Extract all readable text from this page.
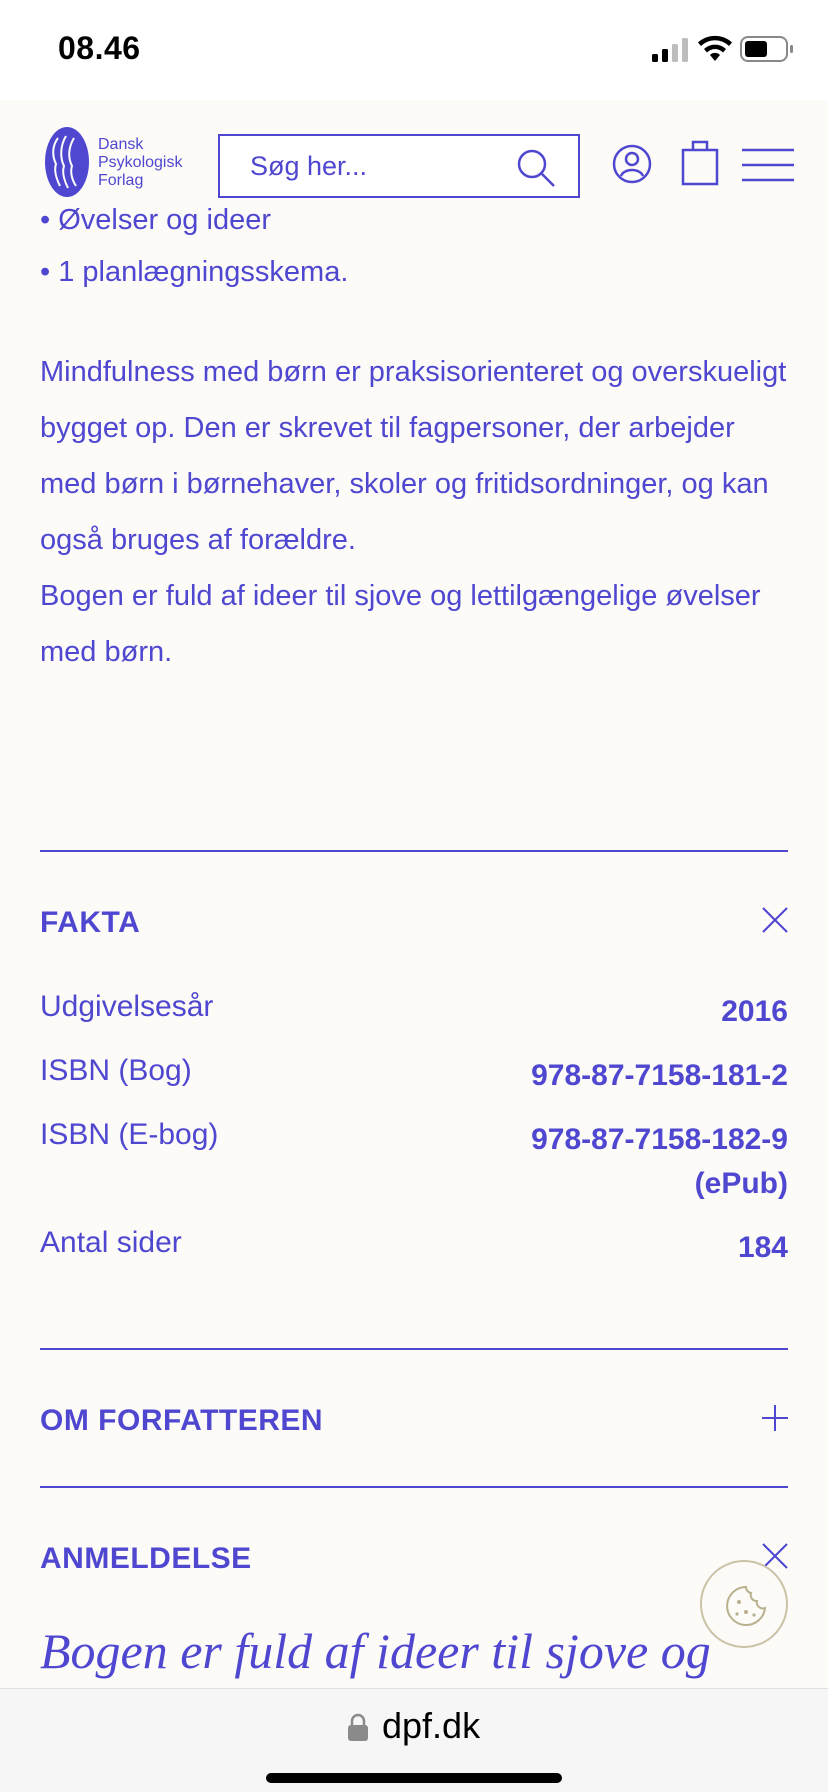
08.46
Dansk
Psykologisk
Forlag
Søg her...
• Øvelser og ideer
• 1 planlægningsskema.

Mindfulness med børn er praksisorienteret og overskueligt bygget op. Den er skrevet til fagpersoner, der arbejder med børn i børnehaver, skoler og fritidsordninger, og kan også bruges af forældre.

Bogen er fuld af ideer til sjove og lettilgængelige øvelser med børn.

FAKTA
Udgivelsesår	2016
ISBN (Bog)	978-87-7158-181-2
ISBN (E-bog)	978-87-7158-182-9
(ePub)
Antal sider	184
OM FORFATTEREN
ANMELDELSE
Bogen er fuld af ideer til sjove og
dpf.dk
